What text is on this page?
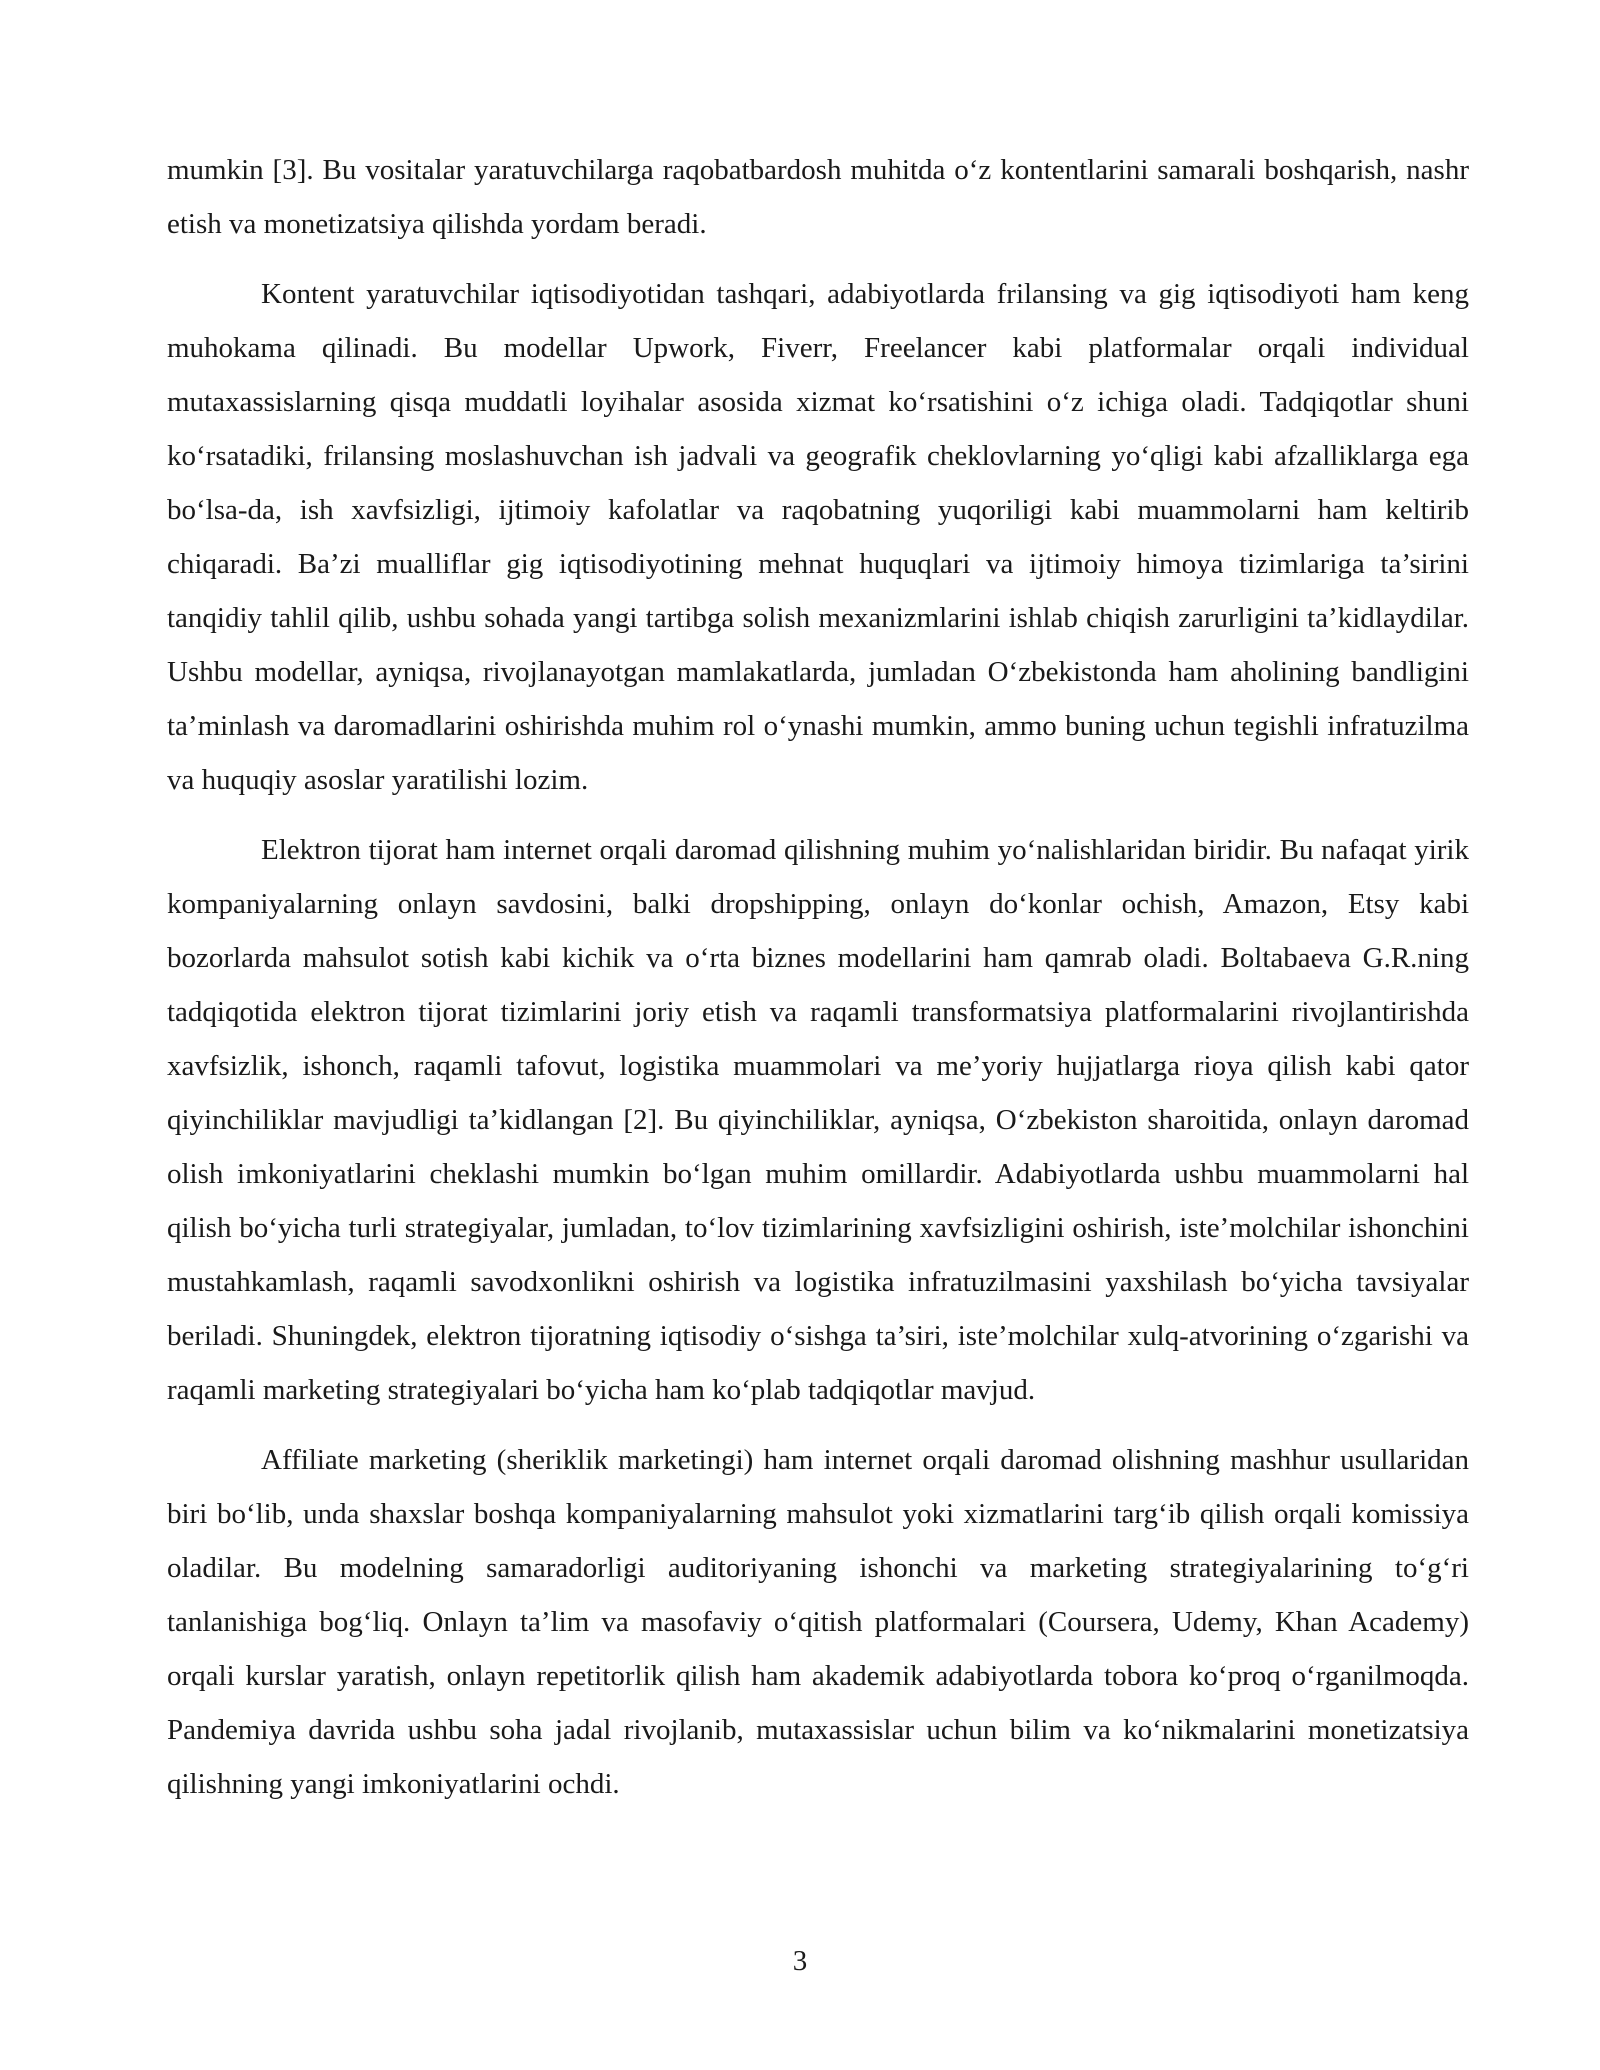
mumkin [3]. Bu vositalar yaratuvchilarga raqobatbardosh muhitda o‘z kontentlarini samarali boshqarish, nashr etish va monetizatsiya qilishda yordam beradi.

Kontent yaratuvchilar iqtisodiyotidan tashqari, adabiyotlarda frilansing va gig iqtisodiyoti ham keng muhokama qilinadi. Bu modellar Upwork, Fiverr, Freelancer kabi platformalar orqali individual mutaxassislarning qisqa muddatli loyihalar asosida xizmat ko‘rsatishini o‘z ichiga oladi. Tadqiqotlar shuni ko‘rsatadiki, frilansing moslashuvchan ish jadvali va geografik cheklovlarning yo‘qligi kabi afzalliklarga ega bo‘lsa-da, ish xavfsizligi, ijtimoiy kafolatlar va raqobatning yuqoriligi kabi muammolarni ham keltirib chiqaradi. Ba’zi mualliflar gig iqtisodiyotining mehnat huquqlari va ijtimoiy himoya tizimlariga ta’sirini tanqidiy tahlil qilib, ushbu sohada yangi tartibga solish mexanizmlarini ishlab chiqish zarurligini ta’kidlaydilar. Ushbu modellar, ayniqsa, rivojlanayotgan mamlakatlarda, jumladan O‘zbekistonda ham aholining bandligini ta’minlash va daromadlarini oshirishda muhim rol o‘ynashi mumkin, ammo buning uchun tegishli infratuzilma va huquqiy asoslar yaratilishi lozim.

Elektron tijorat ham internet orqali daromad qilishning muhim yo‘nalishlaridan biridir. Bu nafaqat yirik kompaniyalarning onlayn savdosini, balki dropshipping, onlayn do‘konlar ochish, Amazon, Etsy kabi bozorlarda mahsulot sotish kabi kichik va o‘rta biznes modellarini ham qamrab oladi. Boltabaeva G.R.ning tadqiqotida elektron tijorat tizimlarini joriy etish va raqamli transformatsiya platformalarini rivojlantirishda xavfsizlik, ishonch, raqamli tafovut, logistika muammolari va me’yoriy hujjatlarga rioya qilish kabi qator qiyinchiliklar mavjudligi ta’kidlangan [2]. Bu qiyinchiliklar, ayniqsa, O‘zbekiston sharoitida, onlayn daromad olish imkoniyatlarini cheklashi mumkin bo‘lgan muhim omillardir. Adabiyotlarda ushbu muammolarni hal qilish bo‘yicha turli strategiyalar, jumladan, to‘lov tizimlarining xavfsizligini oshirish, iste’molchilar ishonchini mustahkamlash, raqamli savodxonlikni oshirish va logistika infratuzilmasini yaxshilash bo‘yicha tavsiyalar beriladi. Shuningdek, elektron tijoratning iqtisodiy o‘sishga ta’siri, iste’molchilar xulq-atvorining o‘zgarishi va raqamli marketing strategiyalari bo‘yicha ham ko‘plab tadqiqotlar mavjud.

Affiliate marketing (sheriklik marketingi) ham internet orqali daromad olishning mashhur usullaridan biri bo‘lib, unda shaxslar boshqa kompaniyalarning mahsulot yoki xizmatlarini targ‘ib qilish orqali komissiya oladilar. Bu modelning samaradorligi auditoriyaning ishonchi va marketing strategiyalarining to‘g‘ri tanlanishiga bog‘liq. Onlayn ta’lim va masofaviy o‘qitish platformalari (Coursera, Udemy, Khan Academy) orqali kurslar yaratish, onlayn repetitorlik qilish ham akademik adabiyotlarda tobora ko‘proq o‘rganilmoqda. Pandemiya davrida ushbu soha jadal rivojlanib, mutaxassislar uchun bilim va ko‘nikmalarini monetizatsiya qilishning yangi imkoniyatlarini ochdi.

3
